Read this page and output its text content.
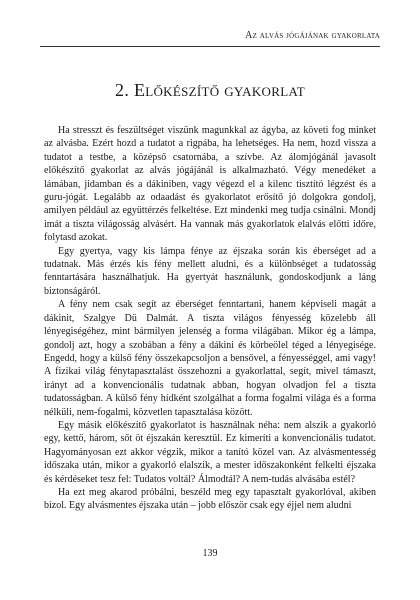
Az alvás jógájának gyakorlata
2. Előkészítő gyakorlat

Ha stresszt és feszültséget viszünk magunkkal az ágyba, az követi fog minket az alvásba. Ezért hozd a tudatot a rigpába, ha lehetséges. Ha nem, hozd vissza a tudatot a testbe, a középső csatornába, a szívbe. Az álomjógánál javasolt előkészítő gyakorlat az alvás jógájánál is alkalmazható. Végy menedéket a lámában, jidamban és a dákiniben, vagy végezd el a kilenc tisztító légzést és a guru-jógát. Legalább az odaadást és gyakorlatot erősítő jó dolgokra gondolj, amilyen például az együttérzés felkeltése. Ezt mindenki meg tudja csinálni. Mondj imát a tiszta világosság alvásért. Ha vannak más gyakorlatok elalvás előtti időre, folytasd azokat.

Egy gyertya, vagy kis lámpa fénye az éjszaka során kis éberséget ad a tudatnak. Más érzés kis fény mellett aludni, és a különbséget a tudatosság fenntartására használhatjuk. Ha gyertyát használunk, gondoskodjunk a láng biztonságáról.

A fény nem csak segít az éberséget fenntartani, hanem képviseli magát a dákinit, Szalgye Dü Dalmát. A tiszta világos fényesség közelebb áll lényegiségéhez, mint bármilyen jelenség a forma világában. Mikor ég a lámpa, gondolj azt, hogy a szobában a fény a dákini és körbeölel téged a lényegisége. Engedd, hogy a külső fény összekapcsoljon a bensővel, a fényességgel, ami vagy! A fizikai világ fénytapasztalást összehozni a gyakorlattal, segít, mivel támaszt, irányt ad a konvencionális tudatnak abban, hogyan olvadjon fel a tiszta tudatosságban. A külső fény hídként szolgálhat a forma fogalmi világa és a forma nélküli, nem-fogalmi, közvetlen tapasztalása között.

Egy másik előkészítő gyakorlatot is használnak néha: nem alszik a gyakorló egy, kettő, három, sőt öt éjszakán keresztül. Ez kimeríti a konvencionális tudatot. Hagyományosan ezt akkor végzik, mikor a tanító közel van. Az alvásmentesség időszaka után, mikor a gyakorló elalszik, a mester időszakonként felkelti éjszaka és kérdéseket tesz fel: Tudatos voltál? Álmodtál? A nem-tudás alvásába estél?

Ha ezt meg akarod próbálni, beszéld meg egy tapasztalt gyakorlóval, akiben bízol. Egy alvásmentes éjszaka után – jobb először csak egy éjjel nem aludni

139
